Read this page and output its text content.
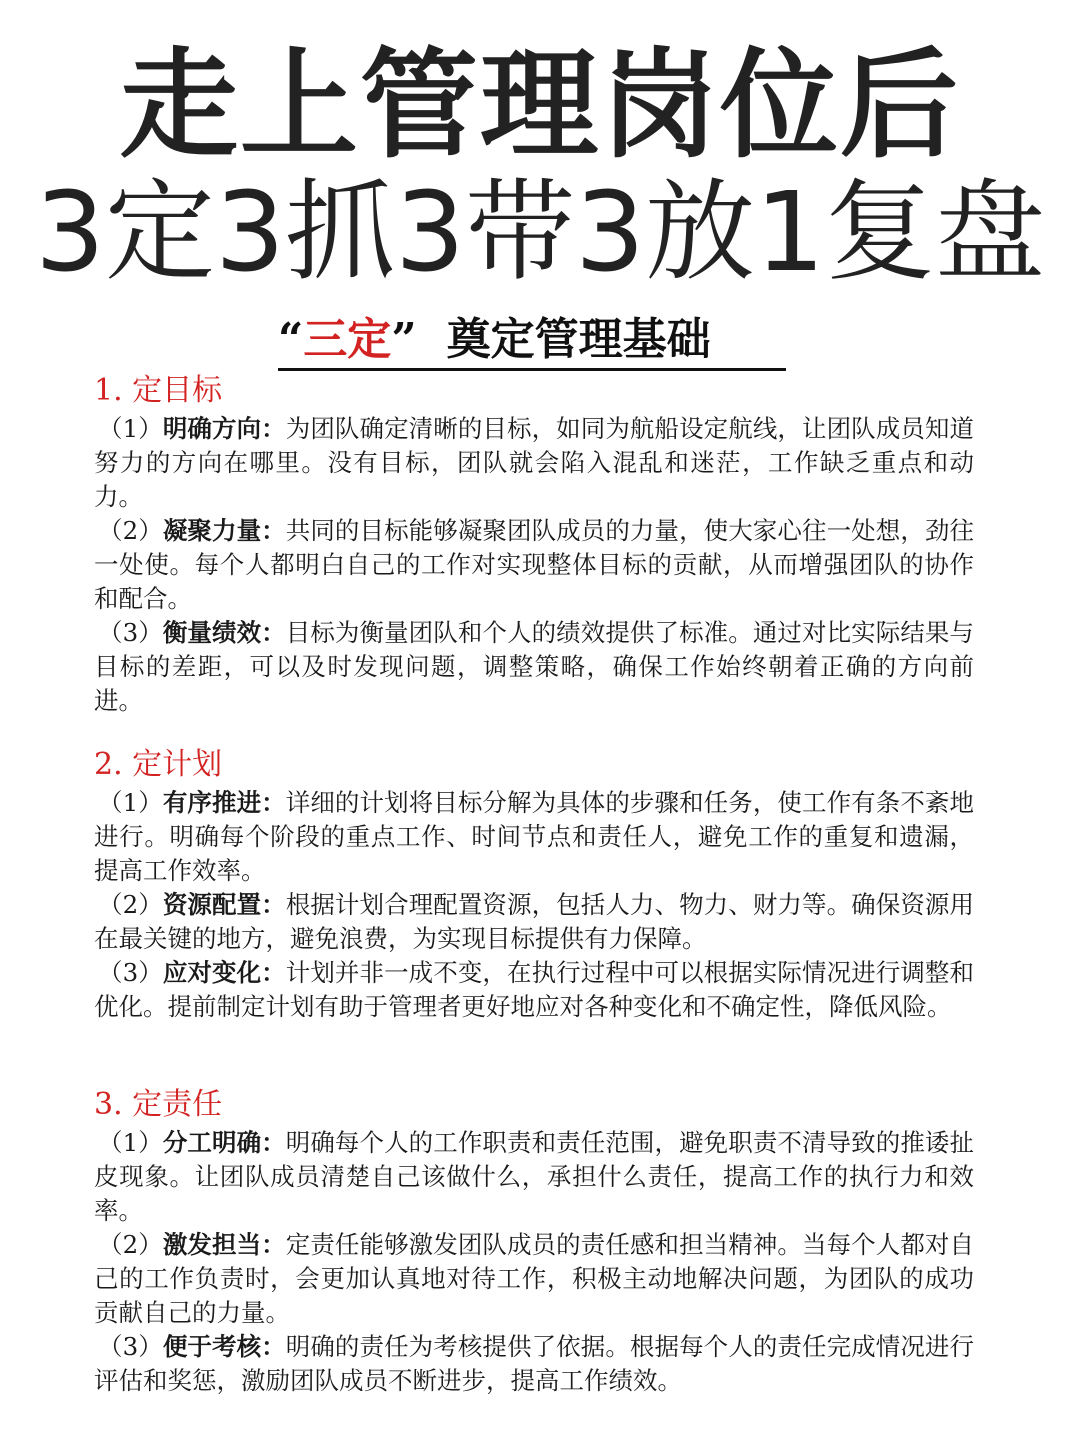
走上管理岗位后
3定3抓3带3放1复盘
“三定” 奠定管理基础
1. 定目标

（1）明确方向：为团队确定清晰的目标，如同为航船设定航线，让团队成员知道努力的方向在哪里。没有目标，团队就会陷入混乱和迷茫，工作缺乏重点和动力。

（2）凝聚力量：共同的目标能够凝聚团队成员的力量，使大家心往一处想，劲往一处使。每个人都明白自己的工作对实现整体目标的贡献，从而增强团队的协作和配合。

（3）衡量绩效：目标为衡量团队和个人的绩效提供了标准。通过对比实际结果与目标的差距，可以及时发现问题，调整策略，确保工作始终朝着正确的方向前进。

2. 定计划

（1）有序推进：详细的计划将目标分解为具体的步骤和任务，使工作有条不紊地进行。明确每个阶段的重点工作、时间节点和责任人，避免工作的重复和遗漏，提高工作效率。

（2）资源配置：根据计划合理配置资源，包括人力、物力、财力等。确保资源用在最关键的地方，避免浪费，为实现目标提供有力保障。

（3）应对变化：计划并非一成不变，在执行过程中可以根据实际情况进行调整和优化。提前制定计划有助于管理者更好地应对各种变化和不确定性，降低风险。

3. 定责任

（1）分工明确：明确每个人的工作职责和责任范围，避免职责不清导致的推诿扯皮现象。让团队成员清楚自己该做什么，承担什么责任，提高工作的执行力和效率。

（2）激发担当：定责任能够激发团队成员的责任感和担当精神。当每个人都对自己的工作负责时，会更加认真地对待工作，积极主动地解决问题，为团队的成功贡献自己的力量。

（3）便于考核：明确的责任为考核提供了依据。根据每个人的责任完成情况进行评估和奖惩，激励团队成员不断进步，提高工作绩效。
